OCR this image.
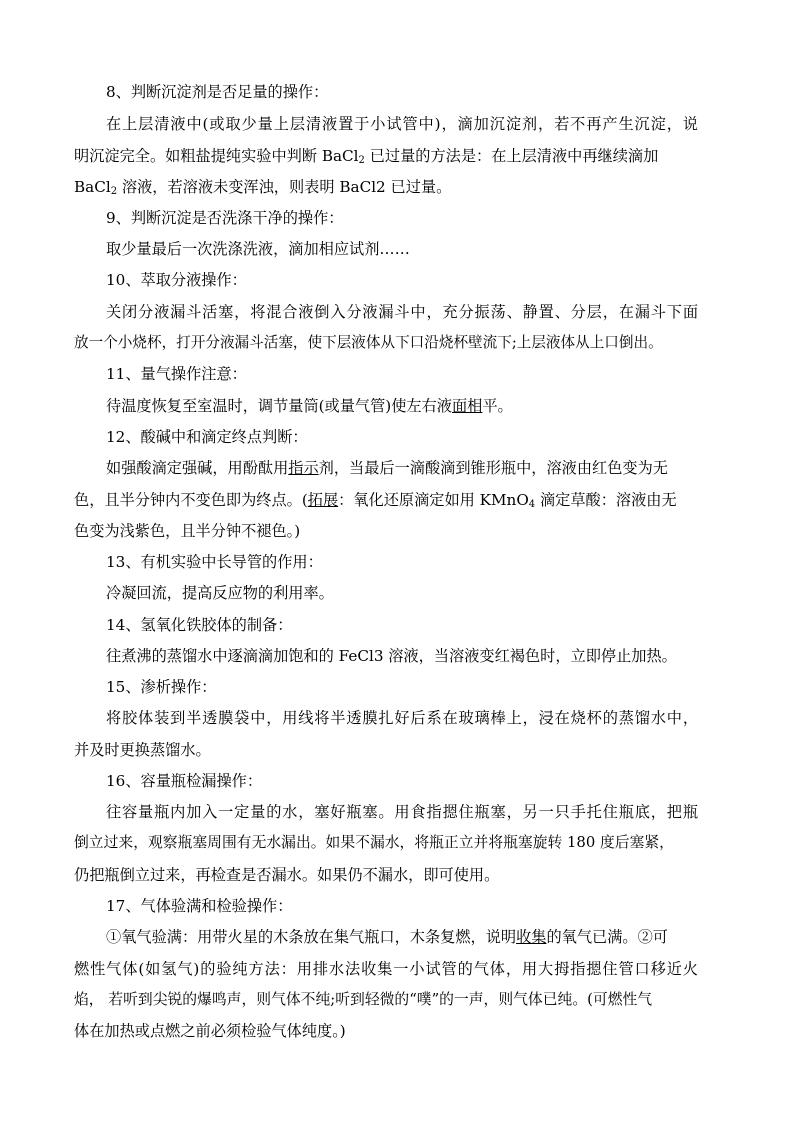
8、判断沉淀剂是否足量的操作：
在上层清液中(或取少量上层清液置于小试管中)，滴加沉淀剂，若不再产生沉淀，说
明沉淀完全。如粗盐提纯实验中判断 BaCl$_2$ 已过量的方法是：在上层清液中再继续滴加
BaCl$_2$ 溶液，若溶液未变浑浊，则表明 BaCl2 已过量。
9、判断沉淀是否洗涤干净的操作：
取少量最后一次洗涤洗液，滴加相应试剂……
10、萃取分液操作：
关闭分液漏斗活塞，将混合液倒入分液漏斗中，充分振荡、静置、分层，在漏斗下面
放一个小烧杯，打开分液漏斗活塞，使下层液体从下口沿烧杯壁流下;上层液体从上口倒出。
11、量气操作注意：
待温度恢复至室温时，调节量筒(或量气管)使左右液面相平。
12、酸碱中和滴定终点判断：
如强酸滴定强碱，用酚酞用指示剂，当最后一滴酸滴到锥形瓶中，溶液由红色变为无
色，且半分钟内不变色即为终点。(拓展：氧化还原滴定如用 KMnO$_4$ 滴定草酸：溶液由无
色变为浅紫色，且半分钟不褪色。)
13、有机实验中长导管的作用：
冷凝回流，提高反应物的利用率。
14、氢氧化铁胶体的制备：
往煮沸的蒸馏水中逐滴滴加饱和的 FeCl3 溶液，当溶液变红褐色时，立即停止加热。
15、渗析操作：
将胶体装到半透膜袋中，用线将半透膜扎好后系在玻璃棒上，浸在烧杯的蒸馏水中，
并及时更换蒸馏水。
16、容量瓶检漏操作：
往容量瓶内加入一定量的水，塞好瓶塞。用食指摁住瓶塞，另一只手托住瓶底，把瓶
倒立过来，观察瓶塞周围有无水漏出。如果不漏水，将瓶正立并将瓶塞旋转 180 度后塞紧，
仍把瓶倒立过来，再检查是否漏水。如果仍不漏水，即可使用。
17、气体验满和检验操作：
①氧气验满：用带火星的木条放在集气瓶口，木条复燃，说明收集的氧气已满。②可
燃性气体(如氢气)的验纯方法：用排水法收集一小试管的气体，用大拇指摁住管口移近火
焰， 若听到尖锐的爆鸣声，则气体不纯;听到轻微的“噗”的一声，则气体已纯。(可燃性气
体在加热或点燃之前必须检验气体纯度。)
